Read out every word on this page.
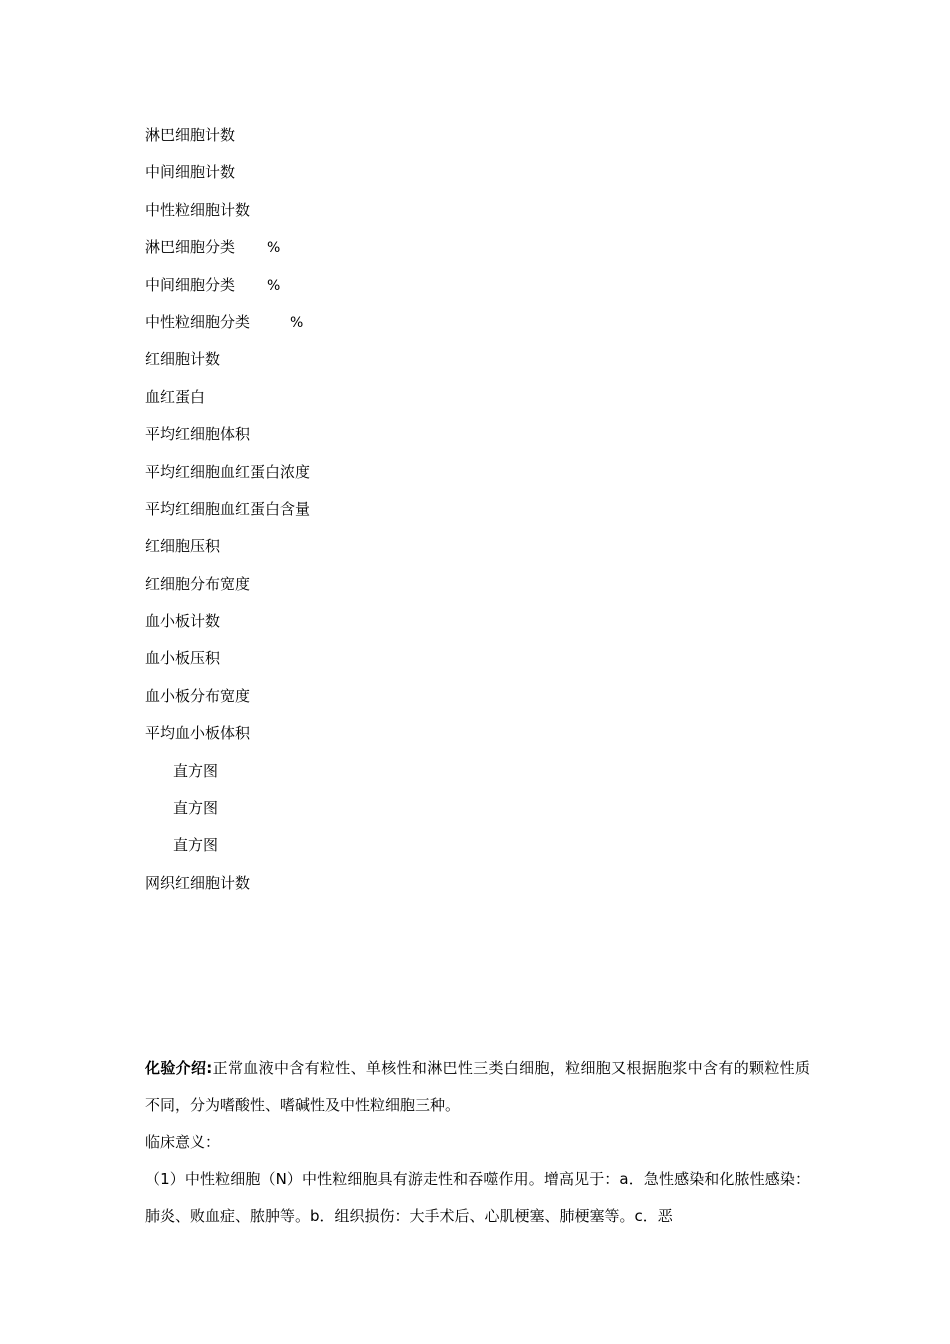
淋巴细胞计数
中间细胞计数
中性粒细胞计数
淋巴细胞分类 %
中间细胞分类 %
中性粒细胞分类	%
红细胞计数
血红蛋白
平均红细胞体积
平均红细胞血红蛋白浓度
平均红细胞血红蛋白含量
红细胞压积
红细胞分布宽度
血小板计数
血小板压积
血小板分布宽度
平均血小板体积
直方图
直方图
直方图
网织红细胞计数

化验介绍:正常血液中含有粒性、单核性和淋巴性三类白细胞，粒细胞又根据胞浆中含有的颗粒性质不同，分为嗜酸性、嗜碱性及中性粒细胞三种。

临床意义：

（1）中性粒细胞（N）中性粒细胞具有游走性和吞噬作用。增高见于：a．急性感染和化脓性感染：肺炎、败血症、脓肿等。b．组织损伤：大手术后、心肌梗塞、肺梗塞等。c．恶
